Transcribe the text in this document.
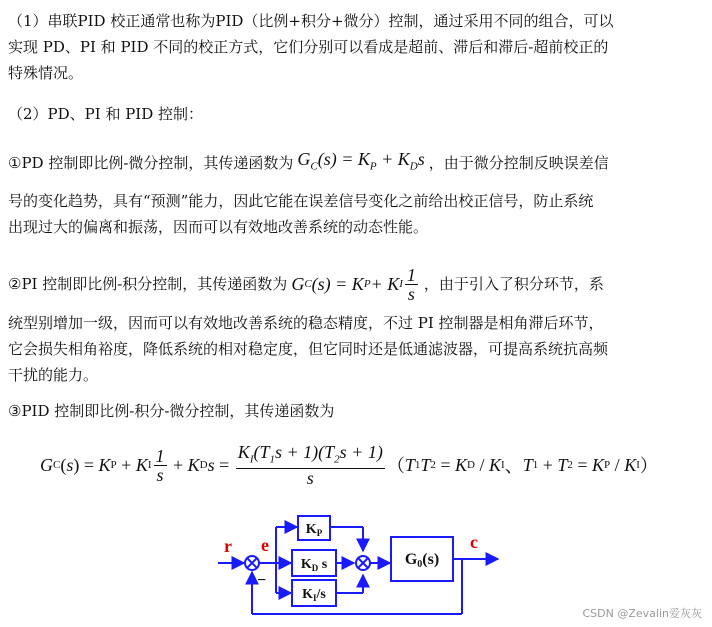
（1）串联PID 校正通常也称为PID（比例+积分+微分）控制，通过采用不同的组合，可以
实现 PD、PI 和 PID 不同的校正方式，它们分别可以看成是超前、滞后和滞后-超前校正的
特殊情况。
（2）PD、PI 和 PID 控制：
①PD 控制即比例-微分控制，其传递函数为 $G_C(s) = K_P + K_Ds$ ，由于微分控制反映误差信
号的变化趋势，具有“预测”能力，因此它能在误差信号变化之前给出校正信号，防止系统
出现过大的偏离和振荡，因而可以有效地改善系统的动态性能。
②PI 控制即比例-积分控制，其传递函数为 G C (s) = K P + K I $\frac{1}{s}$ ，由于引入了积分环节，系
统型别增加一级，因而可以有效地改善系统的稳态精度，不过 PI 控制器是相角滞后环节，
它会损失相角裕度，降低系统的相对稳定度，但它同时还是低通滤波器，可提高系统抗高频
干扰的能力。
③PID 控制即比例-积分-微分控制，其传递函数为
G C ( s ) = K P + K I $\frac{1}{s} + K$ D $s = \frac{K_I(T_1s + 1)(T_2s + 1)}{s}$ （ T 1 T 2 = K D / K I 、 T 1 + T 2 = K P / K I ）
r e	c
−
$K_P$
$K_D$ s
$K_I/s$
G0(s)
CSDN @Zevalin爱灰灰
